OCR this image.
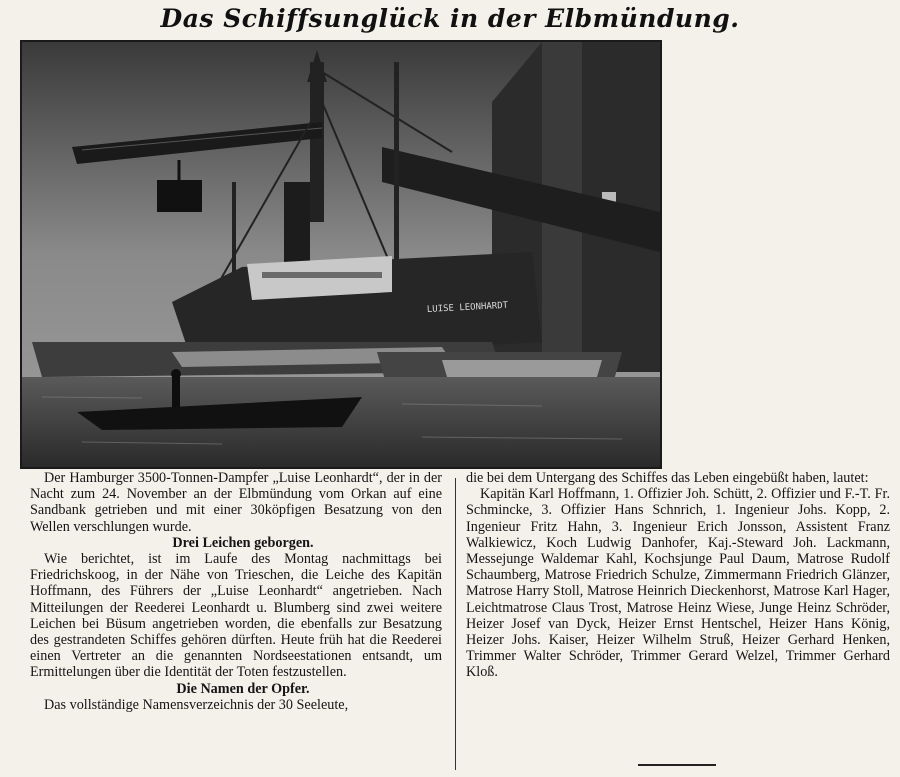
Das Schiffsunglück in der Elbmündung.
LUISE LEONHARDT

Der Hamburger 3500-Tonnen-Dampfer „Luise Leonhardt“, der in der Nacht zum 24. November an der Elbmündung vom Orkan auf eine Sandbank getrieben und mit einer 30köpfigen Besatzung von den Wellen verschlungen wurde.

Drei Leichen geborgen.

Wie berichtet, ist im Laufe des Montag nachmittags bei Friedrichskoog, in der Nähe von Trieschen, die Leiche des Kapitän Hoffmann, des Führers der „Luise Leonhardt“ angetrieben. Nach Mitteilungen der Reederei Leonhardt u. Blumberg sind zwei weitere Leichen bei Büsum angetrieben worden, die ebenfalls zur Besatzung des gestrandeten Schiffes gehören dürften. Heute früh hat die Reederei einen Vertreter an die genannten Nordseestationen entsandt, um Ermittelungen über die Identität der Toten festzustellen.

Die Namen der Opfer.

Das vollständige Namensverzeichnis der 30 Seeleute,

die bei dem Untergang des Schiffes das Leben eingebüßt haben, lautet:

Kapitän Karl Hoffmann, 1. Offizier Joh. Schütt, 2. Offizier und F.-T. Fr. Schmincke, 3. Offizier Hans Schnrich, 1. Ingenieur Johs. Kopp, 2. Ingenieur Fritz Hahn, 3. Ingenieur Erich Jonsson, Assistent Franz Walkiewicz, Koch Ludwig Danhofer, Kaj.-Steward Joh. Lackmann, Messejunge Waldemar Kahl, Kochsjunge Paul Daum, Matrose Rudolf Schaumberg, Matrose Friedrich Schulze, Zimmermann Friedrich Glänzer, Matrose Harry Stoll, Matrose Heinrich Dieckenhorst, Matrose Karl Hager, Leichtmatrose Claus Trost, Matrose Heinz Wiese, Junge Heinz Schröder, Heizer Josef van Dyck, Heizer Ernst Hentschel, Heizer Hans König, Heizer Johs. Kaiser, Heizer Wilhelm Struß, Heizer Gerhard Henken, Trimmer Walter Schröder, Trimmer Gerard Welzel, Trimmer Gerhard Kloß.
